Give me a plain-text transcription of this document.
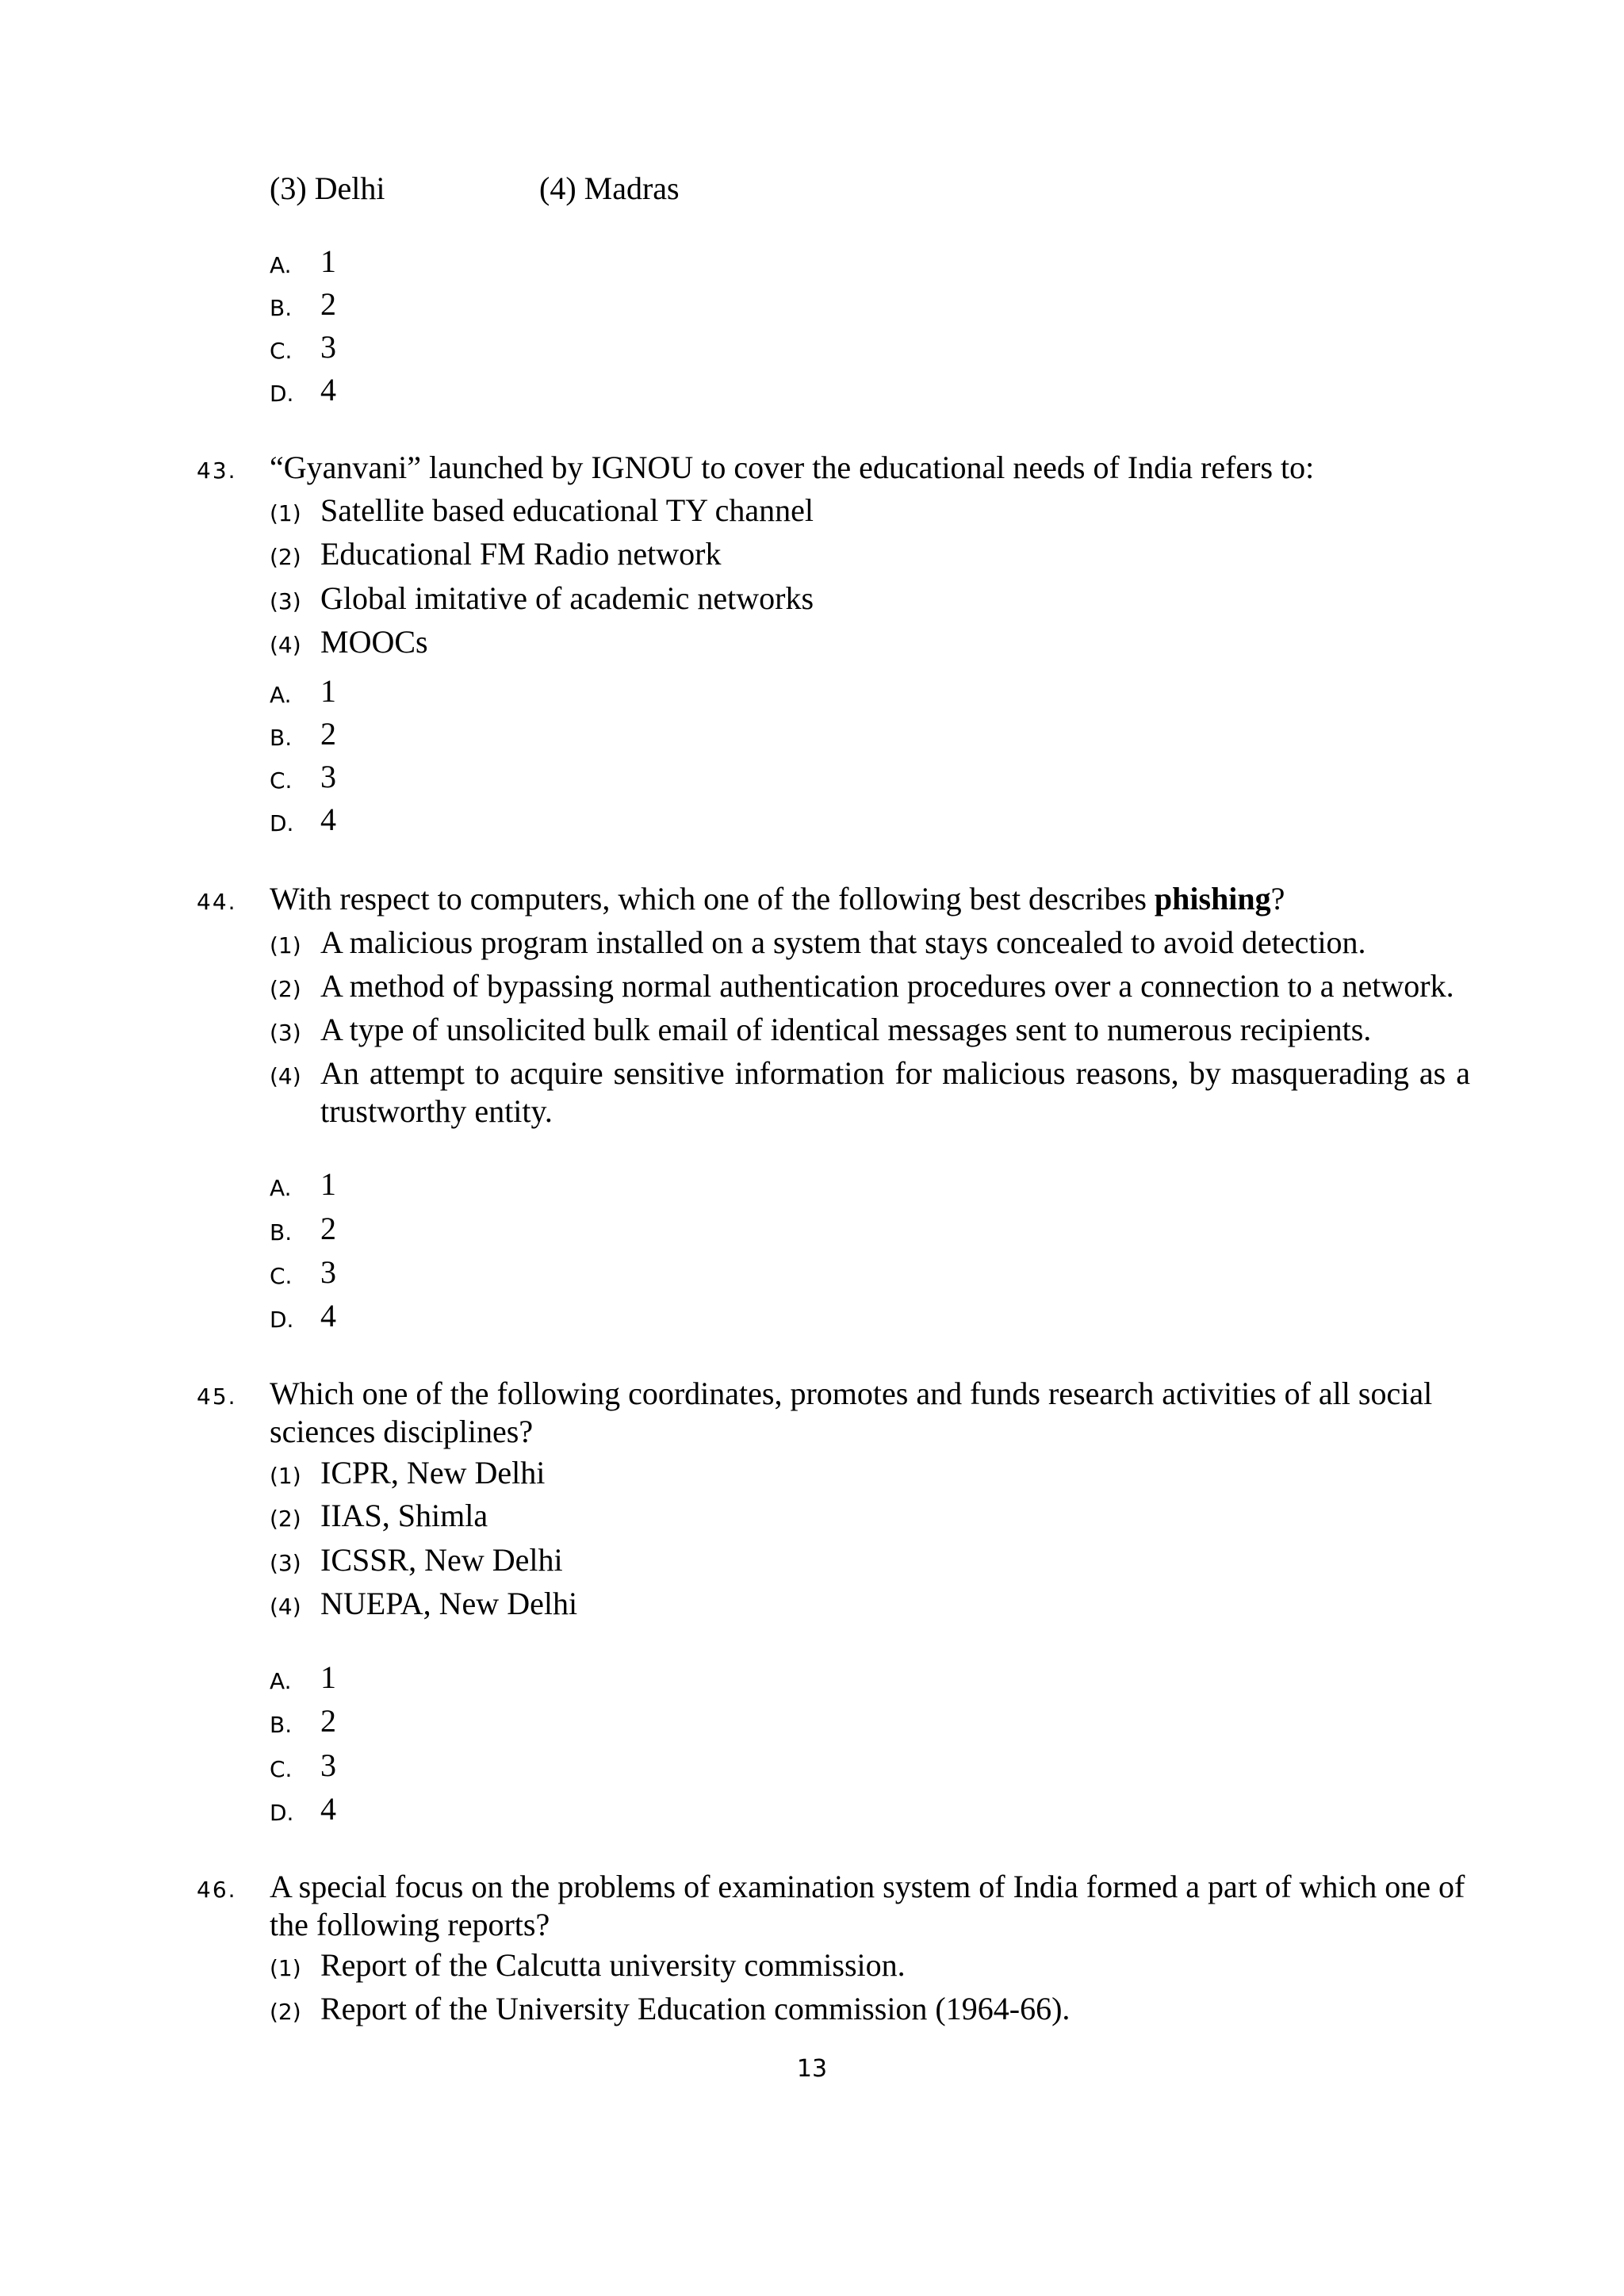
(3) Delhi	(4) Madras
A. 1
B. 2
C. 3
D. 4
43. “Gyanvani” launched by IGNOU to cover the educational needs of India refers to:
(1) Satellite based educational TY channel
(2) Educational FM Radio network
(3) Global imitative of academic networks
(4) MOOCs
A. 1
B. 2
C. 3
D. 4
44. With respect to computers, which one of the following best describes phishing?
(1) A malicious program installed on a system that stays concealed to avoid detection.
(2) A method of bypassing normal authentication procedures over a connection to a network.
(3) A type of unsolicited bulk email of identical messages sent to numerous recipients.
(4) An attempt to acquire sensitive information for malicious reasons, by masquerading as a trustworthy entity.
A. 1
B. 2
C. 3
D. 4
45. Which one of the following coordinates, promotes and funds research activities of all social sciences disciplines?
(1) ICPR, New Delhi
(2) IIAS, Shimla
(3) ICSSR, New Delhi
(4) NUEPA, New Delhi
A. 1
B. 2
C. 3
D. 4
46. A special focus on the problems of examination system of India formed a part of which one of the following reports?
(1) Report of the Calcutta university commission.
(2) Report of the University Education commission (1964-66).
13
